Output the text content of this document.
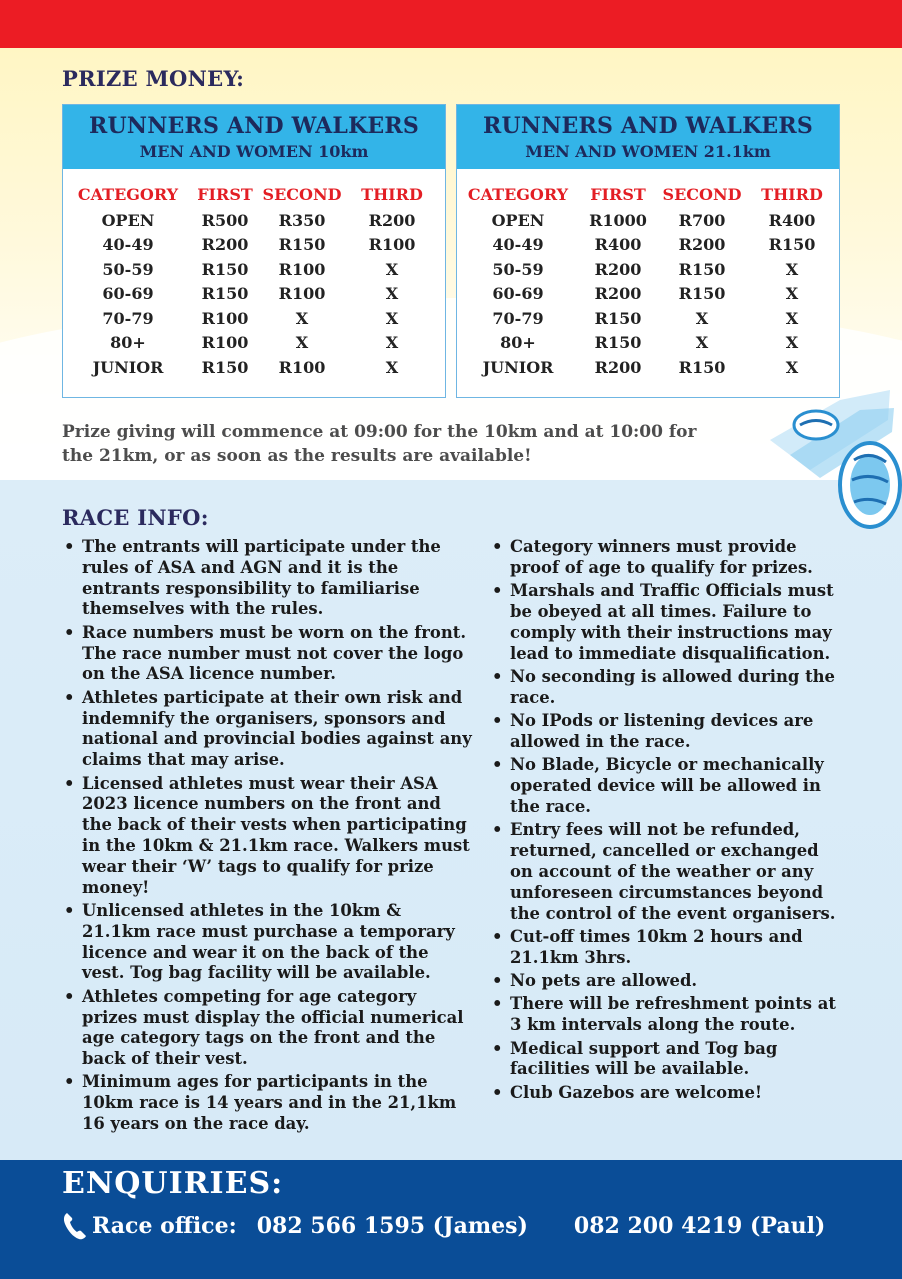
PRIZE MONEY:
RUNNERS AND WALKERS
MEN AND WOMEN 10km
CATEGORY	FIRST SECOND	THIRD
OPEN	R500	R350	R200
40-49	R200	R150	R100
50-59	R150	R100	X
60-69	R150	R100	X
70-79	R100	X	X
80+	R100	X	X
JUNIOR	R150	R100	X
RUNNERS AND WALKERS
MEN AND WOMEN 21.1km
CATEGORY	FIRST	SECOND	THIRD
OPEN	R1000	R700	R400
40-49	R400	R200	R150
50-59	R200	R150	X
60-69	R200	R150	X
70-79	R150	X	X
80+	R150	X	X
JUNIOR	R200	R150	X
Prize giving will commence at 09:00 for the 10km and at 10:00 for the 21km, or as soon as the results are available!
RACE INFO:
• The entrants will participate under the rules of ASA and AGN and it is the entrants responsibility to familiarise themselves with the rules.
• Race numbers must be worn on the front. The race number must not cover the logo on the ASA licence number.
• Athletes participate at their own risk and indemnify the organisers, sponsors and national and provincial bodies against any claims that may arise.
• Licensed athletes must wear their ASA 2023 licence numbers on the front and the back of their vests when participating in the 10km & 21.1km race. Walkers must wear their ‘W’ tags to qualify for prize money!
• Unlicensed athletes in the 10km & 21.1km race must purchase a temporary licence and wear it on the back of the vest. Tog bag facility will be available.
• Athletes competing for age category prizes must display the official numerical age category tags on the front and the back of their vest.
• Minimum ages for participants in the 10km race is 14 years and in the 21,1km 16 years on the race day.
• Category winners must provide proof of age to qualify for prizes.
• Marshals and Traffic Officials must be obeyed at all times. Failure to comply with their instructions may lead to immediate disqualification.
• No seconding is allowed during the race.
• No IPods or listening devices are allowed in the race.
• No Blade, Bicycle or mechanically operated device will be allowed in the race.
• Entry fees will not be refunded, returned, cancelled or exchanged on account of the weather or any unforeseen circumstances beyond the control of the event organisers.
• Cut-off times 10km 2 hours and 21.1km 3hrs.
• No pets are allowed.
• There will be refreshment points at 3 km intervals along the route.
• Medical support and Tog bag facilities will be available.
• Club Gazebos are welcome!
ENQUIRIES:
Race office: 082 566 1595 (James) 082 200 4219 (Paul)
